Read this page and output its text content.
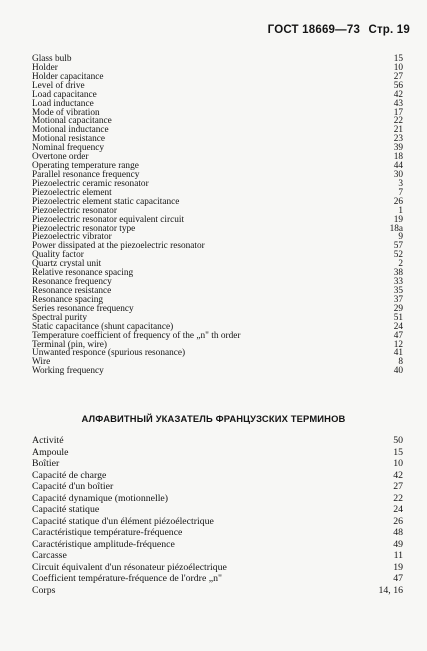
ГОСТ 18669—73 Стр. 19
Glass bulb	15
Holder	10
Holder capacitance	27
Level of drive	56
Load capacitance	42
Load inductance	43
Mode of vibration	17
Motional capacitance	22
Motional inductance	21
Motional resistance	23
Nominal frequency	39
Overtone order	18
Operating temperature range	44
Parallel resonance frequency	30
Piezoelectric ceramic resonator	3
Piezoelectric element	7
Piezoelectric element static capacitance	26
Piezoelectric resonator	1
Piezoelectric resonator equivalent circuit	19
Piezoelectric resonator type	18a
Piezoelectric vibrator	9
Power dissipated at the piezoelectric resonator	57
Quality factor	52
Quartz crystal unit	2
Relative resonance spacing	38
Resonance frequency	33
Resonance resistance	35
Resonance spacing	37
Series resonance frequency	29
Spectral purity	51
Static capacitance (shunt capacitance)	24
Temperature coefficient of frequency of the „n" th order	47
Terminal (pin, wire)	12
Unwanted responce (spurious resonance)	41
Wire	8
Working frequency	40
АЛФАВИТНЫЙ УКАЗАТЕЛЬ ФРАНЦУЗСКИХ ТЕРМИНОВ
Activité	50
Ampoule	15
Boîtier	10
Capacité de charge	42
Capacité d'un boîtier	27
Capacité dynamique (motionnelle)	22
Capacité statique	24
Capacité statique d'un élément piézoélectrique	26
Caractéristique température-fréquence	48
Caractéristique amplitude-fréquence	49
Carcasse	11
Circuit équivalent d'un résonateur piézoélectrique	19
Coefficient température-fréquence de l'ordre „n"	47
Corps	14, 16
